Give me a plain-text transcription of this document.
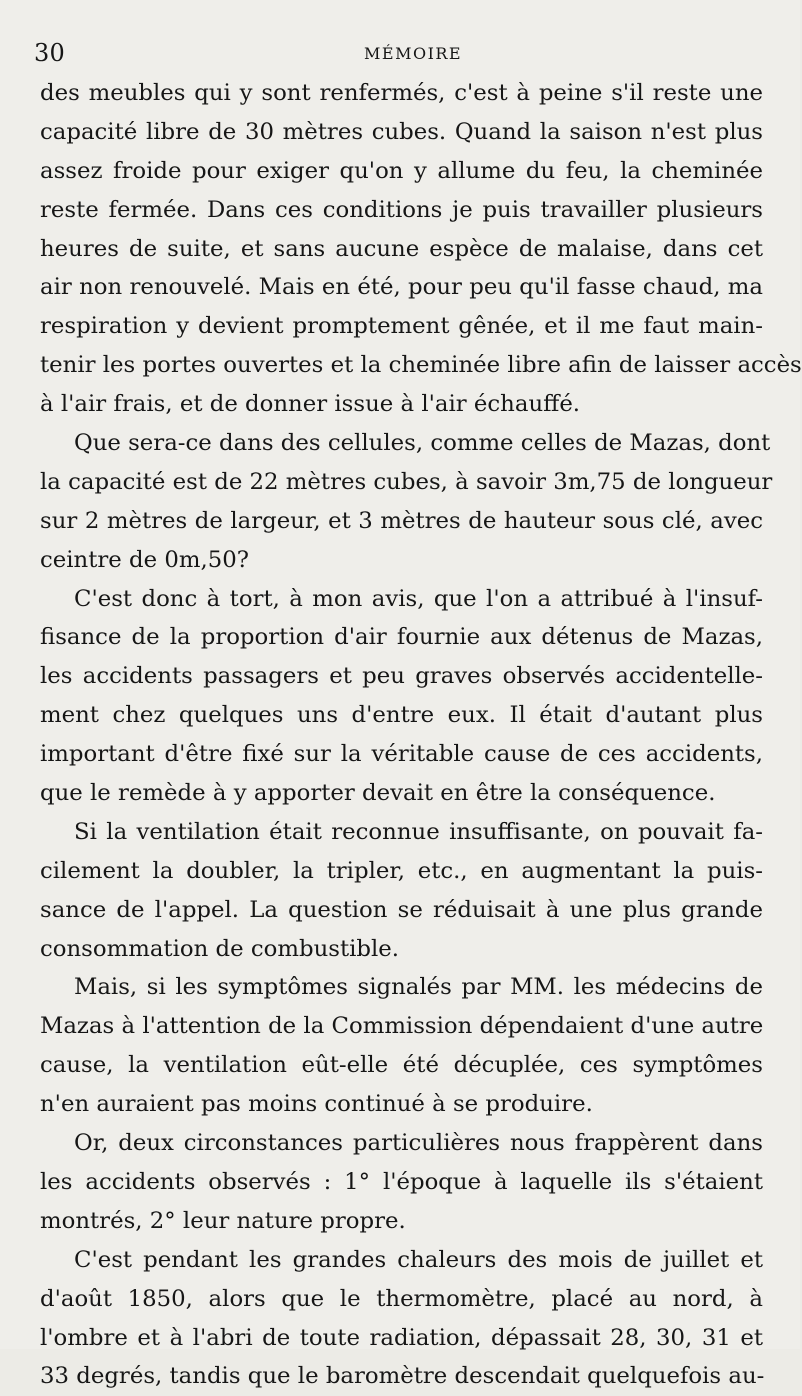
30	MÉMOIRE
des meubles qui y sont renfermés, c'est à peine s'il reste une
capacité libre de 30 mètres cubes. Quand la saison n'est plus
assez froide pour exiger qu'on y allume du feu, la cheminée
reste fermée. Dans ces conditions je puis travailler plusieurs
heures de suite, et sans aucune espèce de malaise, dans cet
air non renouvelé. Mais en été, pour peu qu'il fasse chaud, ma
respiration y devient promptement gênée, et il me faut main-
tenir les portes ouvertes et la cheminée libre afin de laisser accès
à l'air frais, et de donner issue à l'air échauffé.
Que sera-ce dans des cellules, comme celles de Mazas, dont
la capacité est de 22 mètres cubes, à savoir 3m,75 de longueur
sur 2 mètres de largeur, et 3 mètres de hauteur sous clé, avec
ceintre de 0m,50?
C'est donc à tort, à mon avis, que l'on a attribué à l'insuf-
fisance de la proportion d'air fournie aux détenus de Mazas,
les accidents passagers et peu graves observés accidentelle-
ment chez quelques uns d'entre eux. Il était d'autant plus
important d'être fixé sur la véritable cause de ces accidents,
que le remède à y apporter devait en être la conséquence.
Si la ventilation était reconnue insuffisante, on pouvait fa-
cilement la doubler, la tripler, etc., en augmentant la puis-
sance de l'appel. La question se réduisait à une plus grande
consommation de combustible.
Mais, si les symptômes signalés par MM. les médecins de
Mazas à l'attention de la Commission dépendaient d'une autre
cause, la ventilation eût-elle été décuplée, ces symptômes
n'en auraient pas moins continué à se produire.
Or, deux circonstances particulières nous frappèrent dans
les accidents observés : 1° l'époque à laquelle ils s'étaient
montrés, 2° leur nature propre.
C'est pendant les grandes chaleurs des mois de juillet et
d'août 1850, alors que le thermomètre, placé au nord, à
l'ombre et à l'abri de toute radiation, dépassait 28, 30, 31 et
33 degrés, tandis que le baromètre descendait quelquefois au-
